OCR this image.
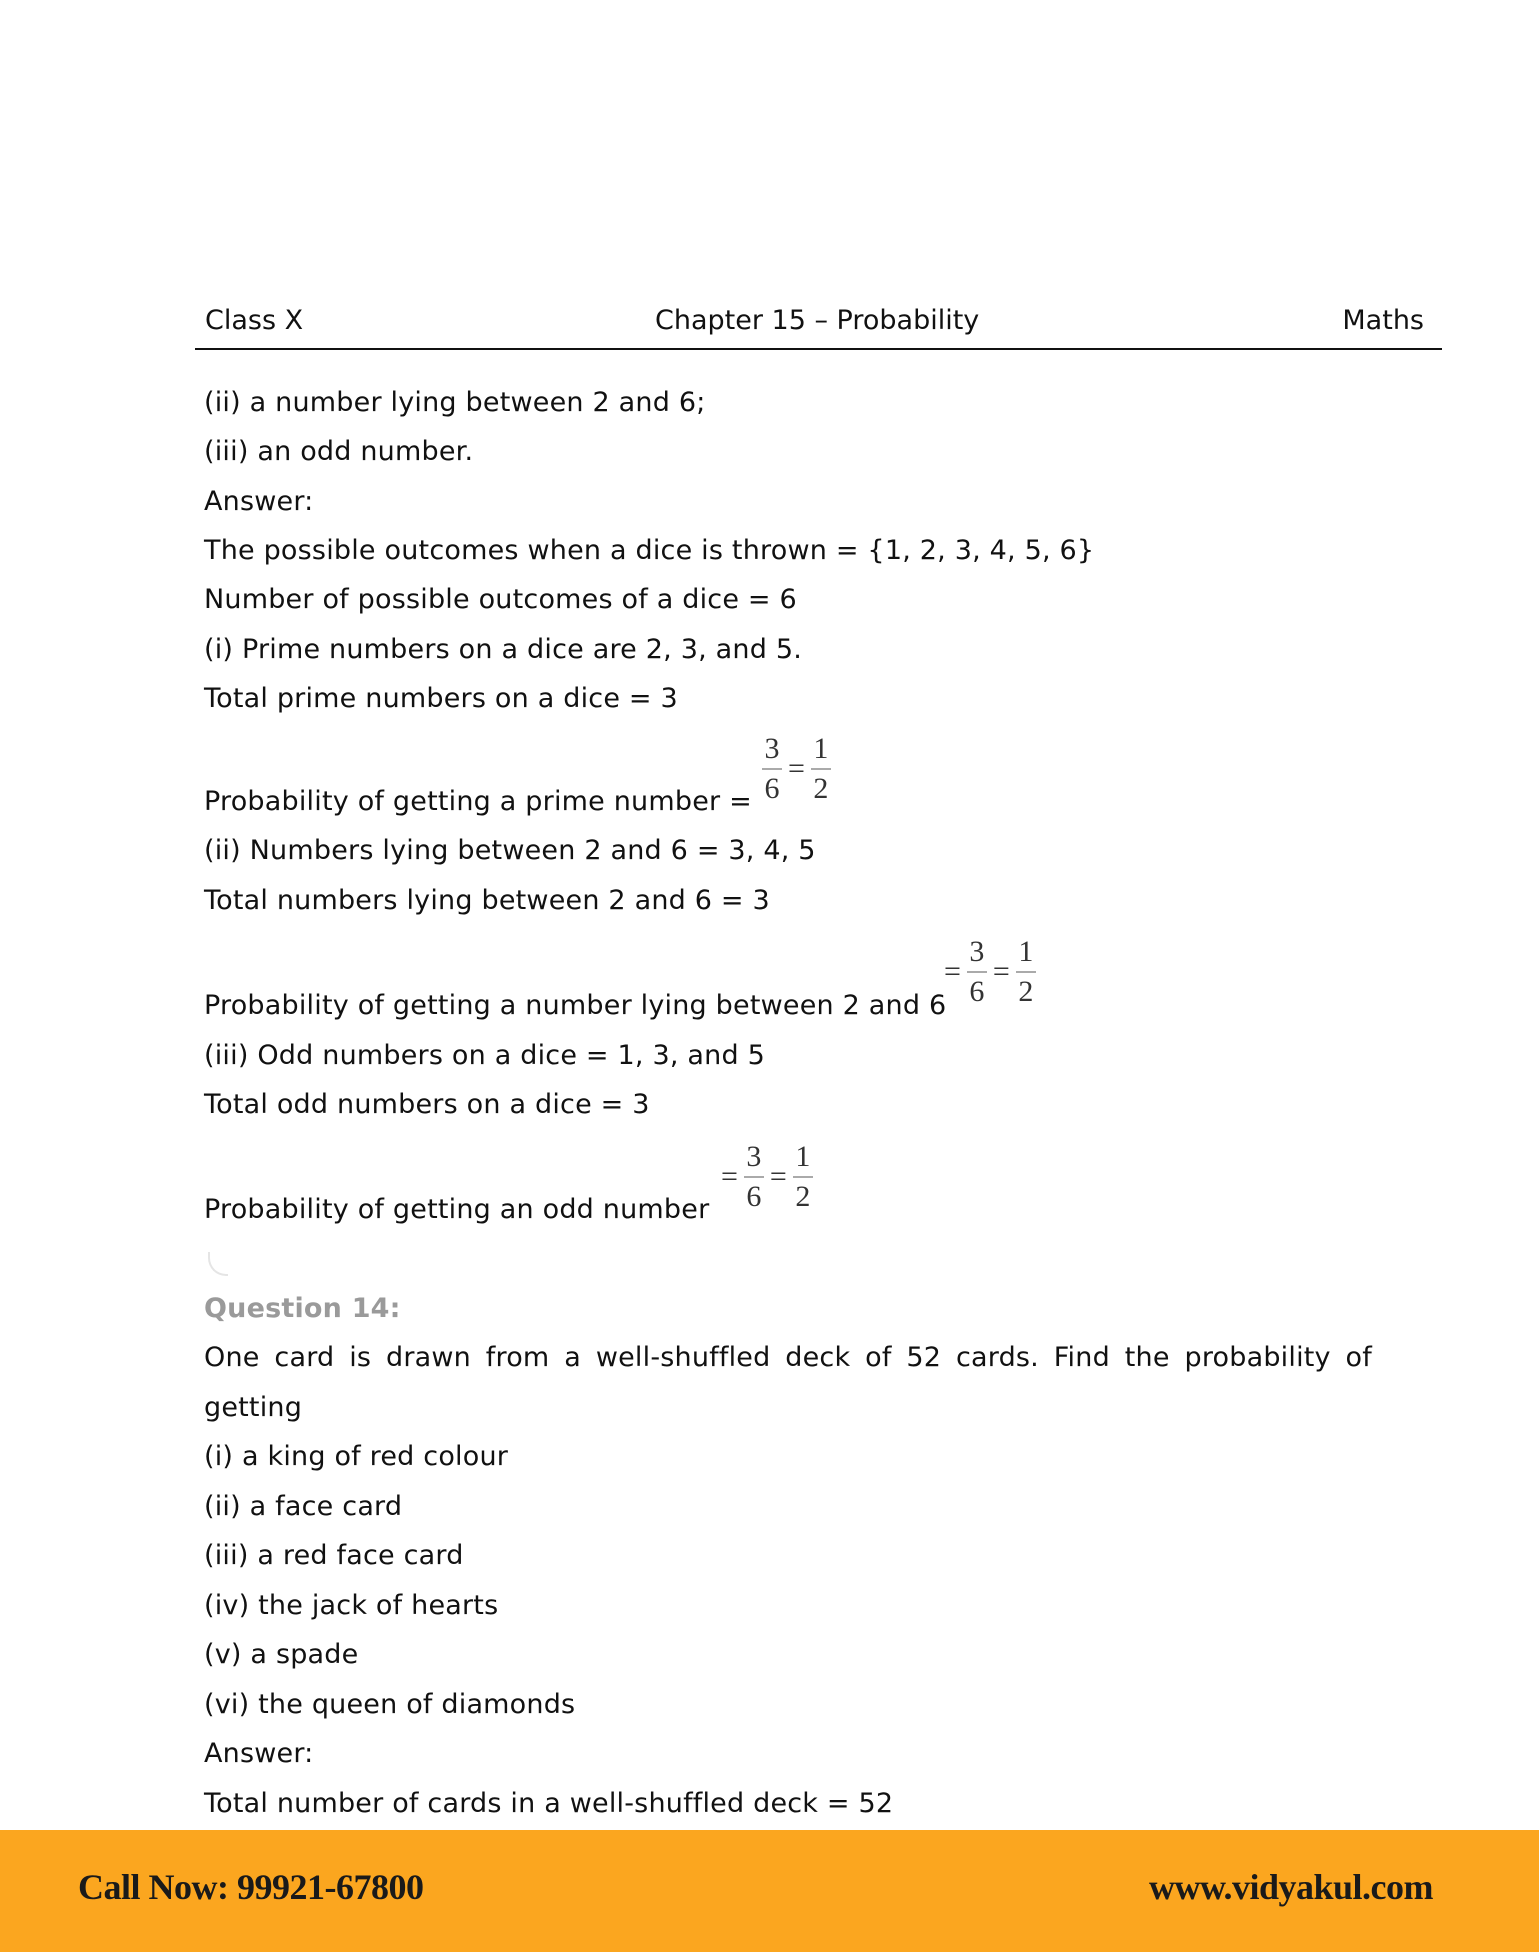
Class X	Chapter 15 – Probability	Maths
(ii) a number lying between 2 and 6;
(iii) an odd number.
Answer:
The possible outcomes when a dice is thrown = {1, 2, 3, 4, 5, 6}
Number of possible outcomes of a dice = 6
(i) Prime numbers on a dice are 2, 3, and 5.
Total prime numbers on a dice = 3
Probability of getting a prime number = $\frac{3}{6} = \frac{1}{2}$
(ii) Numbers lying between 2 and 6 = 3, 4, 5
Total numbers lying between 2 and 6 = 3
Probability of getting a number lying between 2 and 6
= $\frac{3}{6} = \frac{1}{2}$
(iii) Odd numbers on a dice = 1, 3, and 5
Total odd numbers on a dice = 3
Probability of getting an odd number
= $\frac{3}{6} = \frac{1}{2}$
Question 14:
One card is drawn from a well-shuffled deck of 52 cards. Find the probability of
getting
(i) a king of red colour
(ii) a face card
(iii) a red face card
(iv) the jack of hearts
(v) a spade
(vi) the queen of diamonds
Answer:
Total number of cards in a well-shuffled deck = 52
Call Now: 99921-67800	www.vidyakul.com
